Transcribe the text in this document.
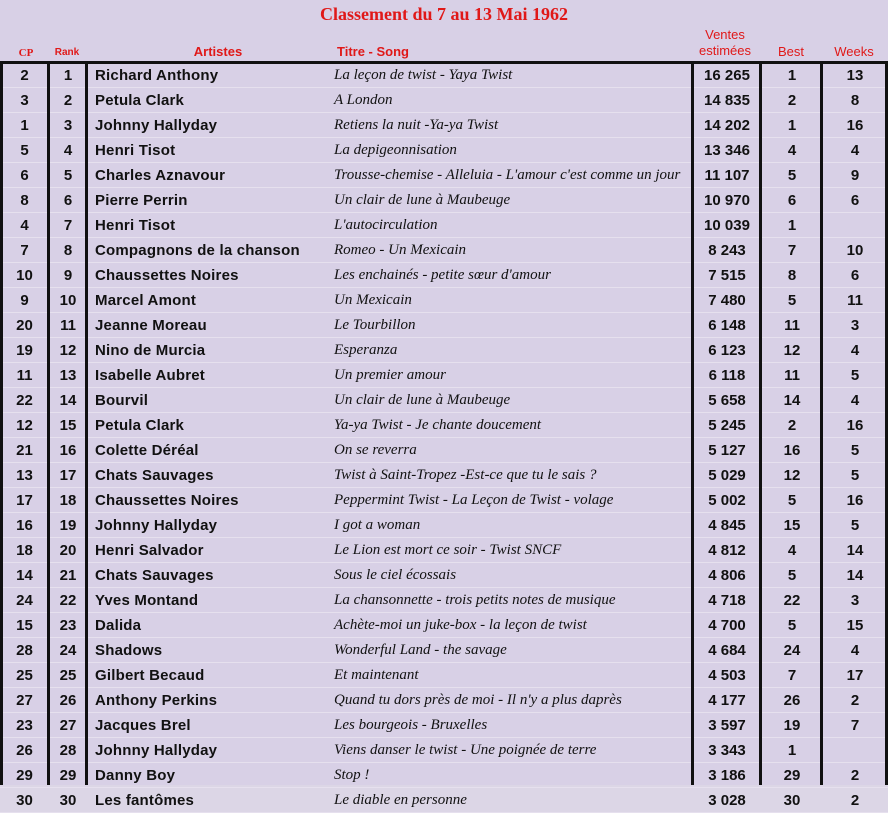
Classement du 7 au 13 Mai 1962
CP	Rank	Artistes	Titre - Song
Ventes
estimées	Best	Weeks
2	1	Richard Anthony	La leçon de twist - Yaya Twist	16 265	1	13
3	2	Petula Clark	A London	14 835	2	8
1	3	Johnny Hallyday	Retiens la nuit -Ya-ya Twist	14 202	1	16
5	4	Henri Tisot	La depigeonnisation	13 346	4	4
6	5	Charles Aznavour	Trousse-chemise - Alleluia - L'amour c'est comme un jour	11 107	5	9
8	6	Pierre Perrin	Un clair de lune à Maubeuge	10 970	6	6
4	7	Henri Tisot	L'autocirculation	10 039	1	
7	8	Compagnons de la chanson	Romeo - Un Mexicain	8 243	7	10
10	9	Chaussettes Noires	Les enchainés - petite sœur d'amour	7 515	8	6
9	10	Marcel Amont	Un Mexicain	7 480	5	11
20	11	Jeanne Moreau	Le Tourbillon	6 148	11	3
19	12	Nino de Murcia	Esperanza	6 123	12	4
11	13	Isabelle Aubret	Un premier amour	6 118	11	5
22	14	Bourvil	Un clair de lune à Maubeuge	5 658	14	4
12	15	Petula Clark	Ya-ya Twist - Je chante doucement	5 245	2	16
21	16	Colette Déréal	On se reverra	5 127	16	5
13	17	Chats Sauvages	Twist à Saint-Tropez -Est-ce que tu le sais ?	5 029	12	5
17	18	Chaussettes Noires	Peppermint Twist - La Leçon de Twist - volage	5 002	5	16
16	19	Johnny Hallyday	I got a woman	4 845	15	5
18	20	Henri Salvador	Le Lion est mort ce soir - Twist SNCF	4 812	4	14
14	21	Chats Sauvages	Sous le ciel écossais	4 806	5	14
24	22	Yves Montand	La chansonnette - trois petits notes de musique	4 718	22	3
15	23	Dalida	Achète-moi un juke-box - la leçon de twist	4 700	5	15
28	24	Shadows	Wonderful Land - the savage	4 684	24	4
25	25	Gilbert Becaud	Et maintenant	4 503	7	17
27	26	Anthony Perkins	Quand tu dors près de moi - Il n'y a plus daprès	4 177	26	2
23	27	Jacques Brel	Les bourgeois - Bruxelles	3 597	19	7
26	28	Johnny Hallyday	Viens danser le twist - Une poignée de terre	3 343	1	
29	29	Danny Boy	Stop !	3 186	29	2
30	30	Les fantômes	Le diable en personne	3 028	30	2
